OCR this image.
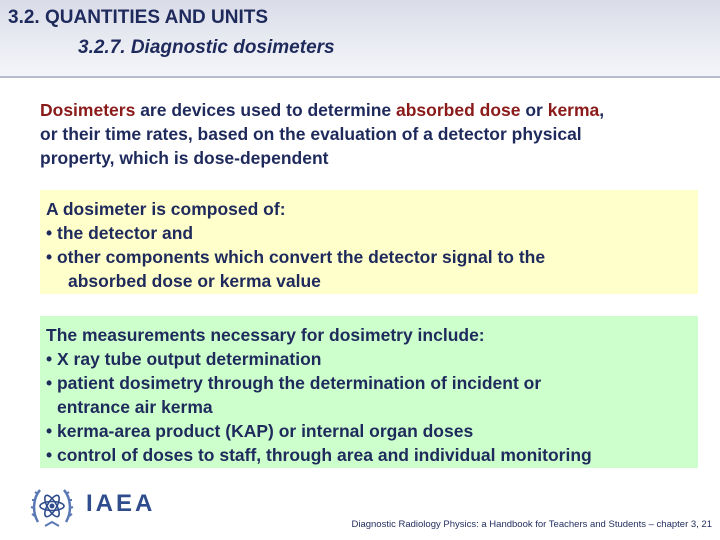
3.2. QUANTITIES AND UNITS
3.2.7. Diagnostic dosimeters
Dosimeters are devices used to determine absorbed dose or kerma,
or their time rates, based on the evaluation of a detector physical
property, which is dose-dependent
A dosimeter is composed of:
• the detector and
• other components which convert the detector signal to the
absorbed dose or kerma value
The measurements necessary for dosimetry include:
• X ray tube output determination
• patient dosimetry through the determination of incident or
entrance air kerma
• kerma-area product (KAP) or internal organ doses
• control of doses to staff, through area and individual monitoring
IAEA
Diagnostic Radiology Physics: a Handbook for Teachers and Students – chapter 3, 21
